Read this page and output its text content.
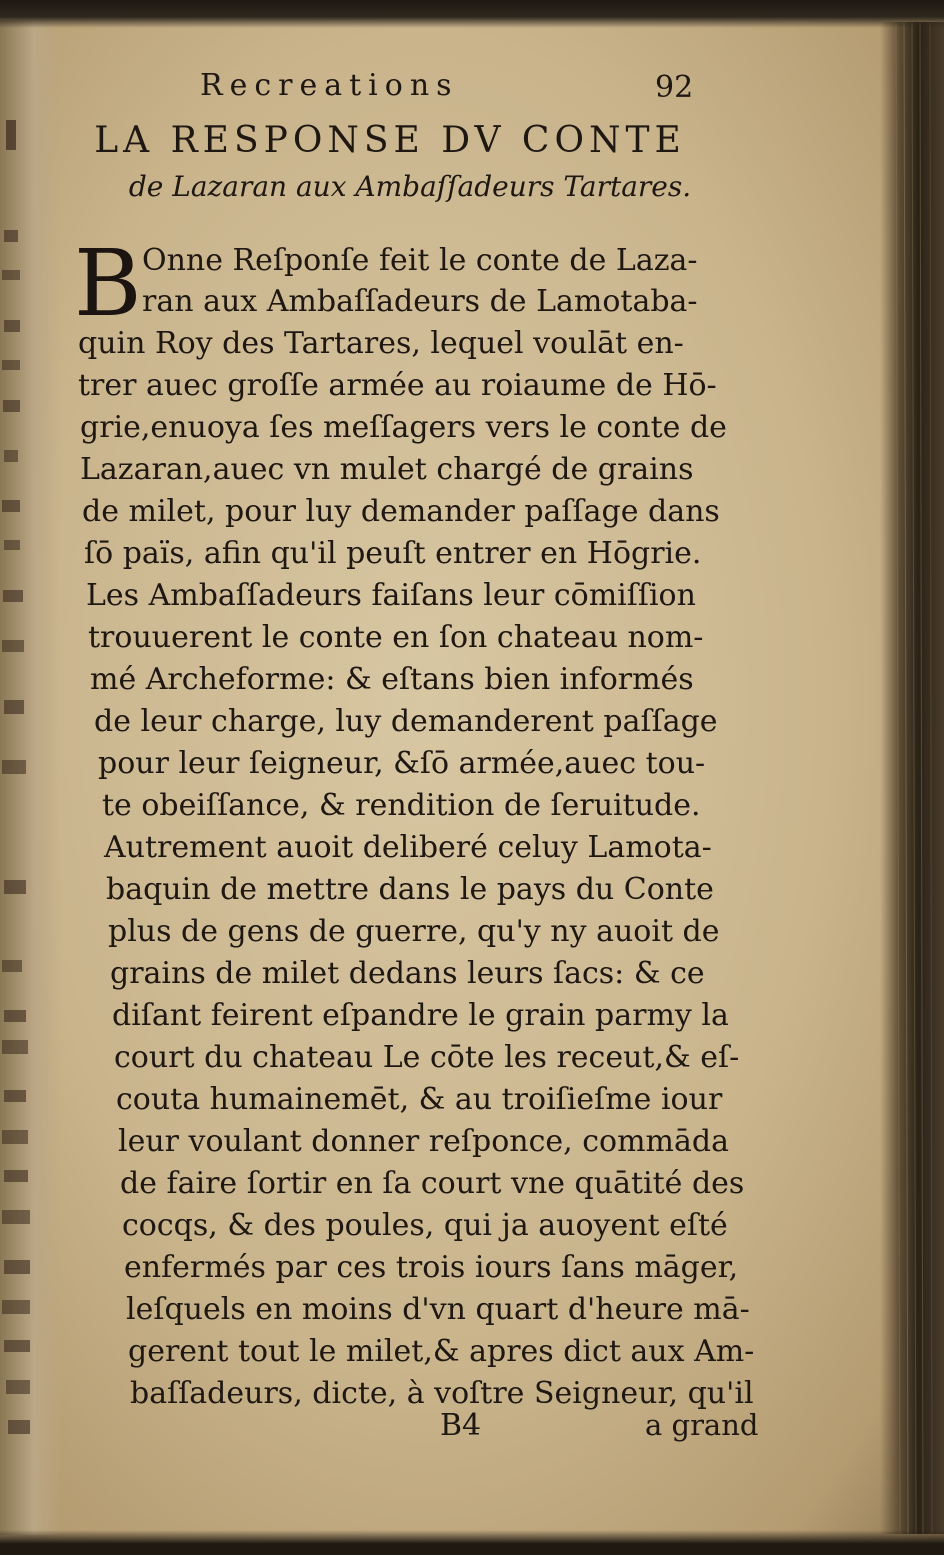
Recreations	92
LA RESPONSE DV CONTE
de Lazaran aux Ambaſſadeurs Tartares.
B Onne Reſponſe feit le conte de Laza-
ran aux Ambaſſadeurs de Lamotaba-
quin Roy des Tartares, lequel voulāt en-
trer auec groſſe armée au roiaume de Hō-
grie,enuoya ſes meſſagers vers le conte de
Lazaran,auec vn mulet chargé de grains
de milet, pour luy demander paſſage dans
ſō païs, afin qu'il peuſt entrer en Hōgrie.
Les Ambaſſadeurs faiſans leur cōmiſſion
trouuerent le conte en ſon chateau nom-
mé Archeforme: & eſtans bien informés
de leur charge, luy demanderent paſſage
pour leur ſeigneur, &ſō armée,auec tou-
te obeiſſance, & rendition de ſeruitude.
Autrement auoit deliberé celuy Lamota-
baquin de mettre dans le pays du Conte
plus de gens de guerre, qu'y ny auoit de
grains de milet dedans leurs ſacs: & ce
diſant feirent eſpandre le grain parmy la
court du chateau Le cōte les receut,& eſ-
couta humainemēt, & au troiſieſme iour
leur voulant donner reſponce, commāda
de faire ſortir en ſa court vne quātité des
cocqs, & des poules, qui ja auoyent eſté
enfermés par ces trois iours ſans māger,
leſquels en moins d'vn quart d'heure mā-
gerent tout le milet,& apres dict aux Am-
baſſadeurs, dicte, à voſtre Seigneur, qu'il
B4	a grand
